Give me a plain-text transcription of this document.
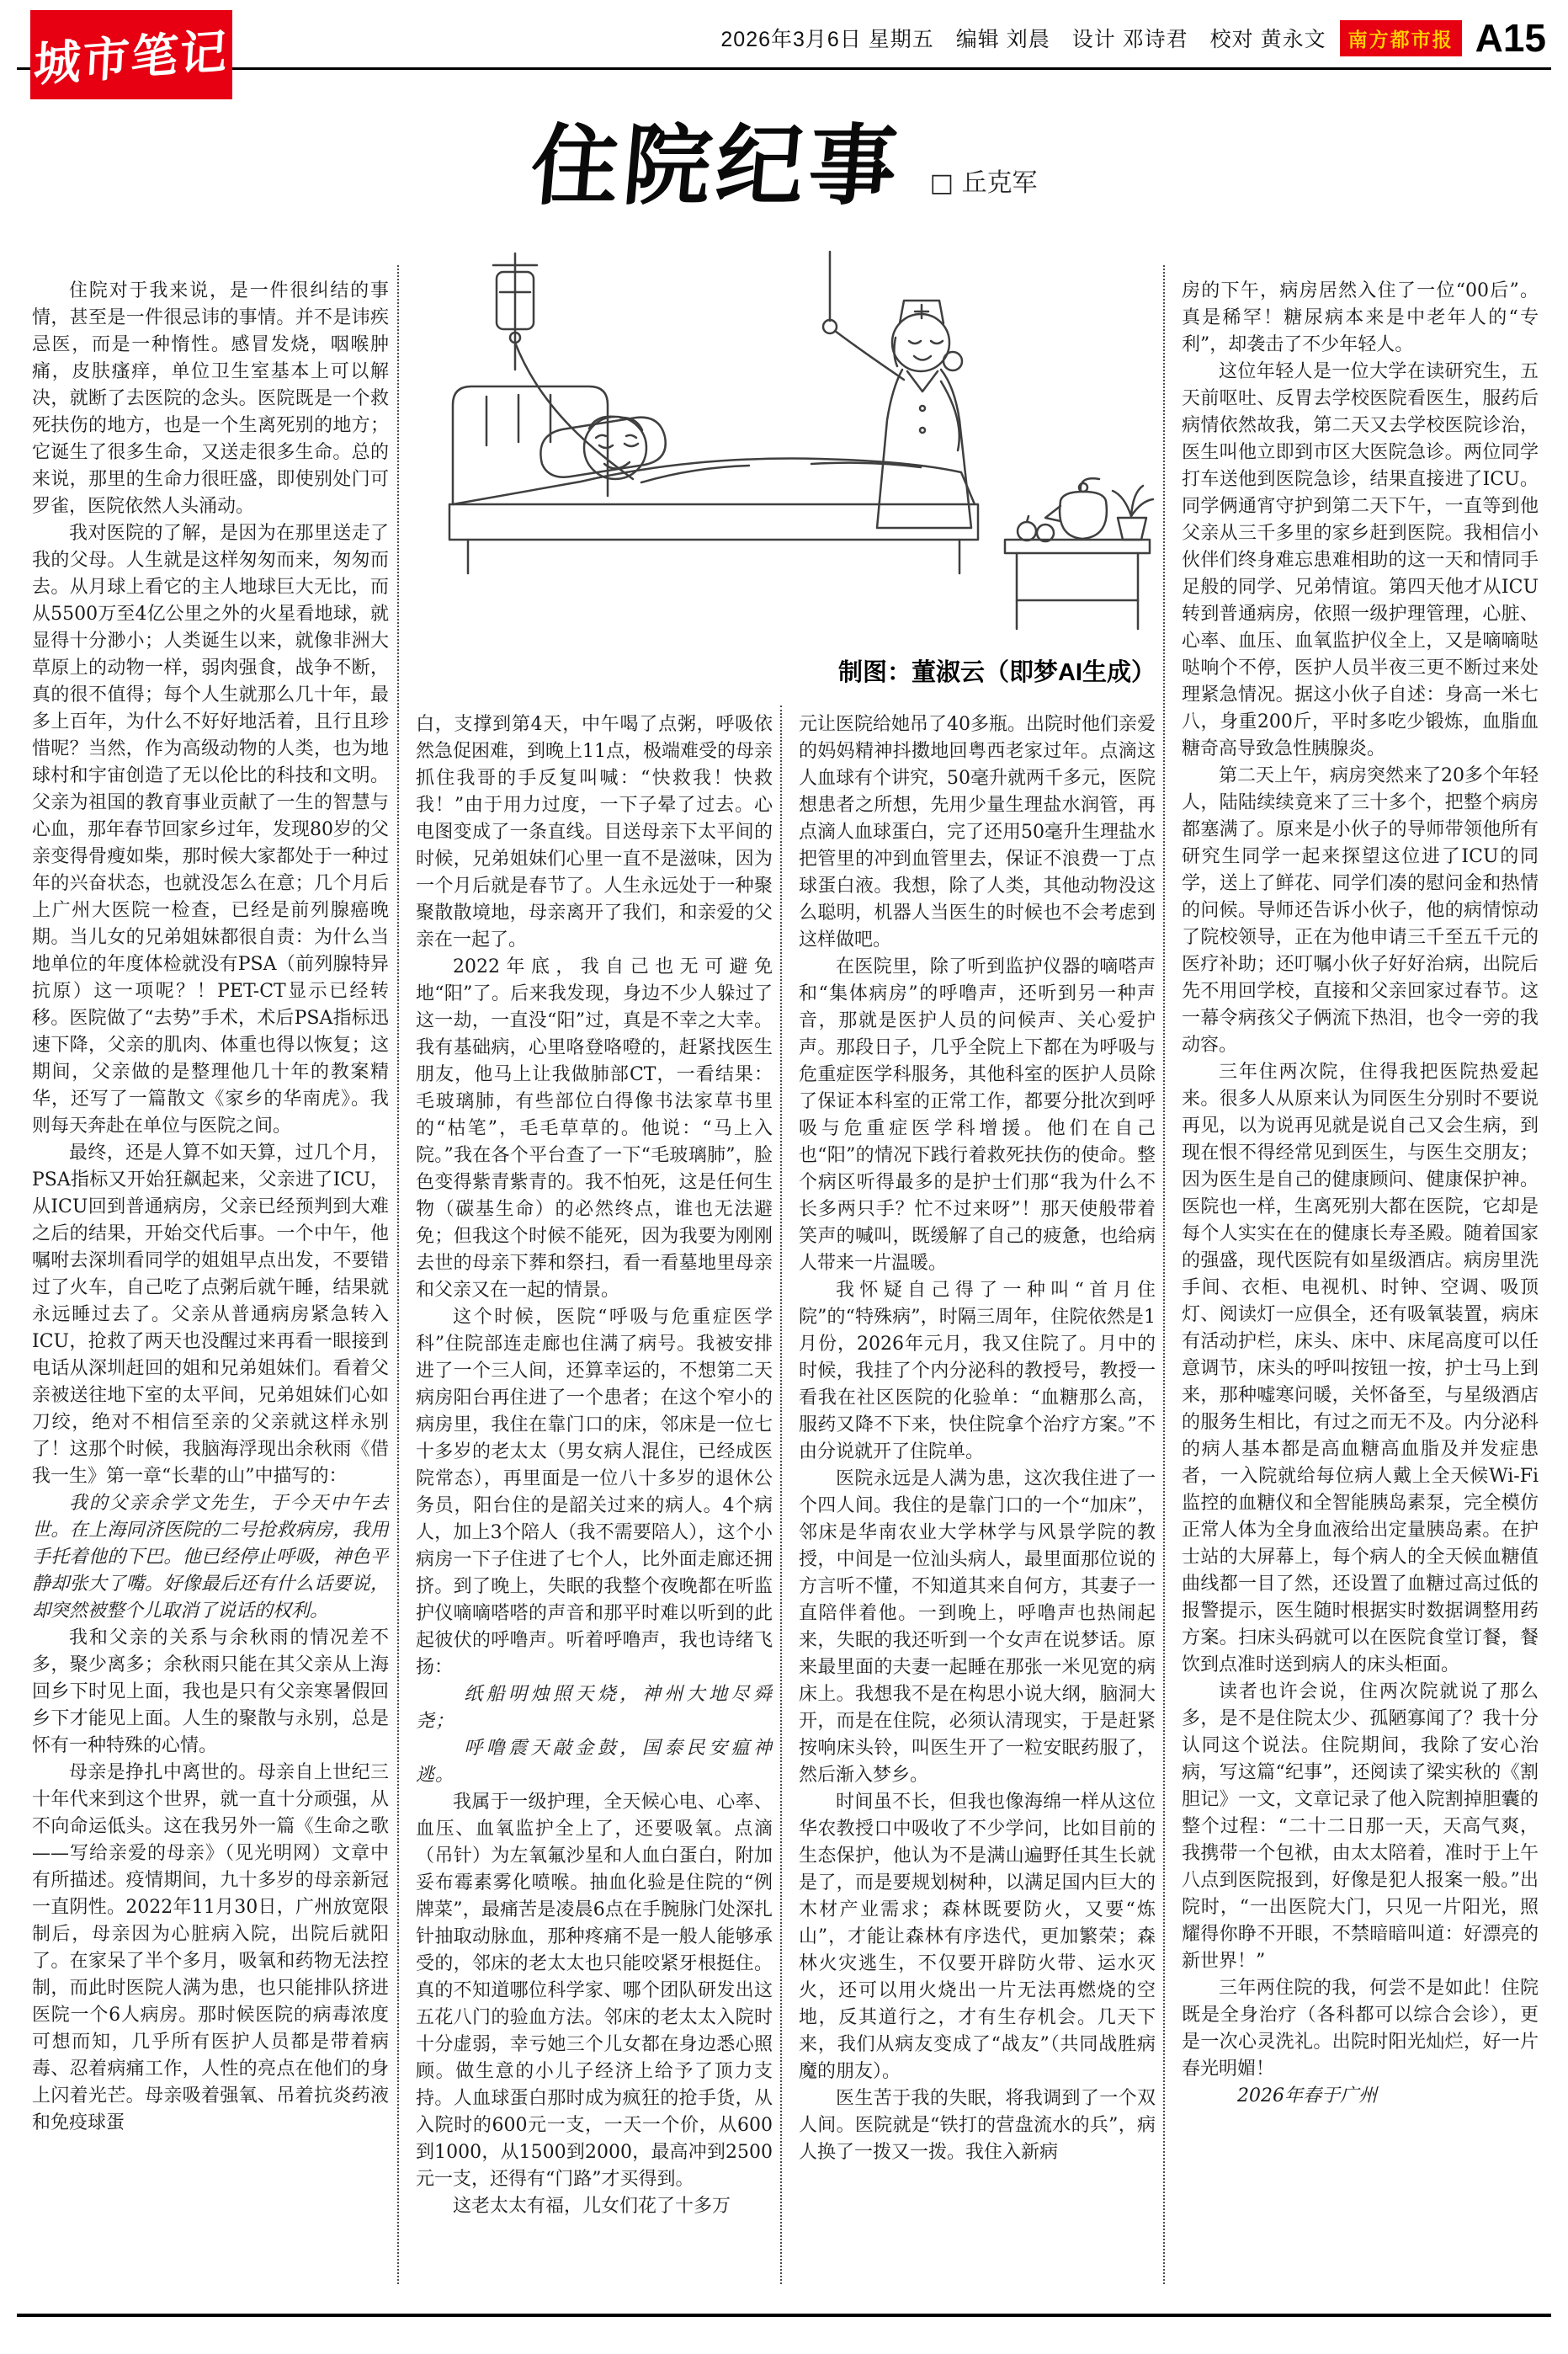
城市笔记	2026年3月6日 星期五　编辑 刘晨　设计 邓诗君　校对 黄永文	南方都市报 A15
住院纪事 □ 丘克军
制图：董淑云（即梦AI生成）

住院对于我来说，是一件很纠结的事情，甚至是一件很忌讳的事情。并不是讳疾忌医，而是一种惰性。感冒发烧，咽喉肿痛，皮肤瘙痒，单位卫生室基本上可以解决，就断了去医院的念头。医院既是一个救死扶伤的地方，也是一个生离死别的地方；它诞生了很多生命，又送走很多生命。总的来说，那里的生命力很旺盛，即使别处门可罗雀，医院依然人头涌动。

我对医院的了解，是因为在那里送走了我的父母。人生就是这样匆匆而来，匆匆而去。从月球上看它的主人地球巨大无比，而从5500万至4亿公里之外的火星看地球，就显得十分渺小；人类诞生以来，就像非洲大草原上的动物一样，弱肉强食，战争不断，真的很不值得；每个人生就那么几十年，最多上百年，为什么不好好地活着，且行且珍惜呢？当然，作为高级动物的人类，也为地球村和宇宙创造了无以伦比的科技和文明。父亲为祖国的教育事业贡献了一生的智慧与心血，那年春节回家乡过年，发现80岁的父亲变得骨瘦如柴，那时候大家都处于一种过年的兴奋状态，也就没怎么在意；几个月后上广州大医院一检查，已经是前列腺癌晚期。当儿女的兄弟姐妹都很自责：为什么当地单位的年度体检就没有PSA（前列腺特异抗原）这一项呢？！PET-CT显示已经转移。医院做了“去势”手术，术后PSA指标迅速下降，父亲的肌肉、体重也得以恢复；这期间，父亲做的是整理他几十年的教案精华，还写了一篇散文《家乡的华南虎》。我则每天奔赴在单位与医院之间。

最终，还是人算不如天算，过几个月，PSA指标又开始狂飙起来，父亲进了ICU，从ICU回到普通病房，父亲已经预判到大难之后的结果，开始交代后事。一个中午，他嘱咐去深圳看同学的姐姐早点出发，不要错过了火车，自己吃了点粥后就午睡，结果就永远睡过去了。父亲从普通病房紧急转入ICU，抢救了两天也没醒过来再看一眼接到电话从深圳赶回的姐和兄弟姐妹们。看着父亲被送往地下室的太平间，兄弟姐妹们心如刀绞，绝对不相信至亲的父亲就这样永别了！这那个时候，我脑海浮现出余秋雨《借我一生》第一章“长辈的山”中描写的：

我的父亲余学文先生，于今天中午去世。在上海同济医院的二号抢救病房，我用手托着他的下巴。他已经停止呼吸，神色平静却张大了嘴。好像最后还有什么话要说，却突然被整个儿取消了说话的权利。

我和父亲的关系与余秋雨的情况差不多，聚少离多；余秋雨只能在其父亲从上海回乡下时见上面，我也是只有父亲寒暑假回乡下才能见上面。人生的聚散与永别，总是怀有一种特殊的心情。

母亲是挣扎中离世的。母亲自上世纪三十年代来到这个世界，就一直十分顽强，从不向命运低头。这在我另外一篇《生命之歌——写给亲爱的母亲》（见光明网）文章中有所描述。疫情期间，九十多岁的母亲新冠一直阴性。2022年11月30日，广州放宽限制后，母亲因为心脏病入院，出院后就阳了。在家呆了半个多月，吸氧和药物无法控制，而此时医院人满为患，也只能排队挤进医院一个6人病房。那时候医院的病毒浓度可想而知，几乎所有医护人员都是带着病毒、忍着病痛工作，人性的亮点在他们的身上闪着光芒。母亲吸着强氧、吊着抗炎药液和免疫球蛋

白，支撑到第4天，中午喝了点粥，呼吸依然急促困难，到晚上11点，极端难受的母亲抓住我哥的手反复叫喊：“快救我！快救我！”由于用力过度，一下子晕了过去。心电图变成了一条直线。目送母亲下太平间的时候，兄弟姐妹们心里一直不是滋味，因为一个月后就是春节了。人生永远处于一种聚聚散散境地，母亲离开了我们，和亲爱的父亲在一起了。

2022年底，我自己也无可避免地“阳”了。后来我发现，身边不少人躲过了这一劫，一直没“阳”过，真是不幸之大幸。我有基础病，心里咯登咯噔的，赶紧找医生朋友，他马上让我做肺部CT，一看结果：毛玻璃肺，有些部位白得像书法家草书里的“枯笔”，毛毛草草的。他说：“马上入院。”我在各个平台查了一下“毛玻璃肺”，脸色变得紫青紫青的。我不怕死，这是任何生物（碳基生命）的必然终点，谁也无法避免；但我这个时候不能死，因为我要为刚刚去世的母亲下葬和祭扫，看一看墓地里母亲和父亲又在一起的情景。

这个时候，医院“呼吸与危重症医学科”住院部连走廊也住满了病号。我被安排进了一个三人间，还算幸运的，不想第二天病房阳台再住进了一个患者；在这个窄小的病房里，我住在靠门口的床，邻床是一位七十多岁的老太太（男女病人混住，已经成医院常态），再里面是一位八十多岁的退休公务员，阳台住的是韶关过来的病人。4个病人，加上3个陪人（我不需要陪人），这个小病房一下子住进了七个人，比外面走廊还拥挤。到了晚上，失眠的我整个夜晚都在听监护仪嘀嘀嗒嗒的声音和那平时难以听到的此起彼伏的呼噜声。听着呼噜声，我也诗绪飞扬：

纸船明烛照天烧，神州大地尽舜尧；

呼噜震天敲金鼓，国泰民安瘟神逃。

我属于一级护理，全天候心电、心率、血压、血氧监护全上了，还要吸氧。点滴（吊针）为左氧氟沙星和人血白蛋白，附加妥布霉素雾化喷喉。抽血化验是住院的“例牌菜”，最痛苦是凌晨6点在手腕脉门处深扎针抽取动脉血，那种疼痛不是一般人能够承受的，邻床的老太太也只能咬紧牙根挺住。真的不知道哪位科学家、哪个团队研发出这五花八门的验血方法。邻床的老太太入院时十分虚弱，幸亏她三个儿女都在身边悉心照顾。做生意的小儿子经济上给予了顶力支持。人血球蛋白那时成为疯狂的抢手货，从入院时的600元一支，一天一个价，从600到1000，从1500到2000，最高冲到2500元一支，还得有“门路”才买得到。

这老太太有福，儿女们花了十多万

元让医院给她吊了40多瓶。出院时他们亲爱的妈妈精神抖擞地回粤西老家过年。点滴这人血球有个讲究，50毫升就两千多元，医院想患者之所想，先用少量生理盐水润管，再点滴人血球蛋白，完了还用50毫升生理盐水把管里的冲到血管里去，保证不浪费一丁点球蛋白液。我想，除了人类，其他动物没这么聪明，机器人当医生的时候也不会考虑到这样做吧。

在医院里，除了听到监护仪器的嘀嗒声和“集体病房”的呼噜声，还听到另一种声音，那就是医护人员的问候声、关心爱护声。那段日子，几乎全院上下都在为呼吸与危重症医学科服务，其他科室的医护人员除了保证本科室的正常工作，都要分批次到呼吸与危重症医学科增援。他们在自己也“阳”的情况下践行着救死扶伤的使命。整个病区听得最多的是护士们那“我为什么不长多两只手？忙不过来呀”！那天使般带着笑声的喊叫，既缓解了自己的疲惫，也给病人带来一片温暖。

我怀疑自己得了一种叫“首月住院”的“特殊病”，时隔三周年，住院依然是1月份，2026年元月，我又住院了。月中的时候，我挂了个内分泌科的教授号，教授一看我在社区医院的化验单：“血糖那么高，服药又降不下来，快住院拿个治疗方案。”不由分说就开了住院单。

医院永远是人满为患，这次我住进了一个四人间。我住的是靠门口的一个“加床”，邻床是华南农业大学林学与风景学院的教授，中间是一位汕头病人，最里面那位说的方言听不懂，不知道其来自何方，其妻子一直陪伴着他。一到晚上，呼噜声也热闹起来，失眠的我还听到一个女声在说梦话。原来最里面的夫妻一起睡在那张一米见宽的病床上。我想我不是在构思小说大纲，脑洞大开，而是在住院，必须认清现实，于是赶紧按响床头铃，叫医生开了一粒安眠药服了，然后渐入梦乡。

时间虽不长，但我也像海绵一样从这位华农教授口中吸收了不少学问，比如目前的生态保护，他认为不是满山遍野任其生长就是了，而是要规划树种，以满足国内巨大的木材产业需求；森林既要防火，又要“炼山”，才能让森林有序迭代，更加繁荣；森林火灾逃生，不仅要开辟防火带、运水灭火，还可以用火烧出一片无法再燃烧的空地，反其道行之，才有生存机会。几天下来，我们从病友变成了“战友”（共同战胜病魔的朋友）。

医生苦于我的失眠，将我调到了一个双人间。医院就是“铁打的营盘流水的兵”，病人换了一拨又一拨。我住入新病

房的下午，病房居然入住了一位“00后”。真是稀罕！糖尿病本来是中老年人的“专利”，却袭击了不少年轻人。

这位年轻人是一位大学在读研究生，五天前呕吐、反胃去学校医院看医生，服药后病情依然故我，第二天又去学校医院诊治，医生叫他立即到市区大医院急诊。两位同学打车送他到医院急诊，结果直接进了ICU。同学俩通宵守护到第二天下午，一直等到他父亲从三千多里的家乡赶到医院。我相信小伙伴们终身难忘患难相助的这一天和情同手足般的同学、兄弟情谊。第四天他才从ICU转到普通病房，依照一级护理管理，心脏、心率、血压、血氧监护仪全上，又是嘀嘀哒哒响个不停，医护人员半夜三更不断过来处理紧急情况。据这小伙子自述：身高一米七八，身重200斤，平时多吃少锻炼，血脂血糖奇高导致急性胰腺炎。

第二天上午，病房突然来了20多个年轻人，陆陆续续竟来了三十多个，把整个病房都塞满了。原来是小伙子的导师带领他所有研究生同学一起来探望这位进了ICU的同学，送上了鲜花、同学们凑的慰问金和热情的问候。导师还告诉小伙子，他的病情惊动了院校领导，正在为他申请三千至五千元的医疗补助；还叮嘱小伙子好好治病，出院后先不用回学校，直接和父亲回家过春节。这一幕令病孩父子俩流下热泪，也令一旁的我动容。

三年住两次院，住得我把医院热爱起来。很多人从原来认为同医生分别时不要说再见，以为说再见就是说自己又会生病，到现在恨不得经常见到医生，与医生交朋友；因为医生是自己的健康顾问、健康保护神。医院也一样，生离死别大都在医院，它却是每个人实实在在的健康长寿圣殿。随着国家的强盛，现代医院有如星级酒店。病房里洗手间、衣柜、电视机、时钟、空调、吸顶灯、阅读灯一应俱全，还有吸氧装置，病床有活动护栏，床头、床中、床尾高度可以任意调节，床头的呼叫按钮一按，护士马上到来，那种嘘寒问暖，关怀备至，与星级酒店的服务生相比，有过之而无不及。内分泌科的病人基本都是高血糖高血脂及并发症患者，一入院就给每位病人戴上全天候Wi-Fi监控的血糖仪和全智能胰岛素泵，完全模仿正常人体为全身血液给出定量胰岛素。在护士站的大屏幕上，每个病人的全天候血糖值曲线都一目了然，还设置了血糖过高过低的报警提示，医生随时根据实时数据调整用药方案。扫床头码就可以在医院食堂订餐，餐饮到点准时送到病人的床头柜面。

读者也许会说，住两次院就说了那么多，是不是住院太少、孤陋寡闻了？我十分认同这个说法。住院期间，我除了安心治病，写这篇“纪事”，还阅读了梁实秋的《割胆记》一文，文章记录了他入院割掉胆囊的整个过程：“二十二日那一天，天高气爽，我携带一个包袱，由太太陪着，准时于上午八点到医院报到，好像是犯人报案一般。”出院时，“一出医院大门，只见一片阳光，照耀得你睁不开眼，不禁暗暗叫道：好漂亮的新世界！”

三年两住院的我，何尝不是如此！住院既是全身治疗（各科都可以综合会诊），更是一次心灵洗礼。出院时阳光灿烂，好一片春光明媚！

2026年春于广州
